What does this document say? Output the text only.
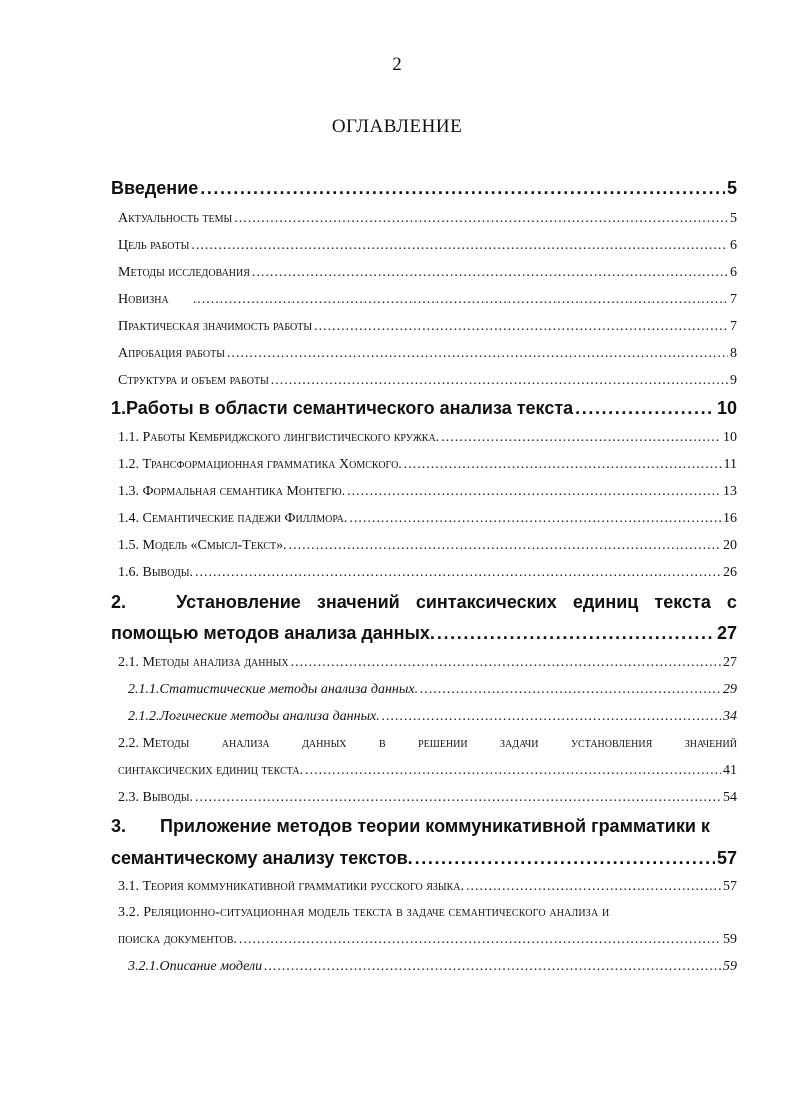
2
ОГЛАВЛЕНИЕ
Введение .....	5
Актуальность темы .....	5
Цель работы .....	6
Методы исследования .....	6
Новизна .....	7
Практическая значимость работы .....	7
Апробация работы .....	8
Структура и объем работы .....	9
1. Работы в области семантического анализа текста .....	10
1.1. Работы Кембриджского лингвистического кружка. .....	10
1.2. Трансформационная грамматика Хомского. .....	11
1.3. Формальная семантика Монтегю. .....	13
1.4. Семантические падежи Филлмора. .....	16
1.5. Модель «Смысл-Текст». .....	20
1.6. Выводы. .....	26
2.	Установление значений синтаксических единиц текста с
помощью методов анализа данных. .....	27
2.1. Методы анализа данных .....	27
2.1.1. Статистические методы анализа данных. .....	29
2.1.2. Логические методы анализа данных. .....	34
2.2. Методы анализа данных в решении задачи установления значений
синтаксических единиц текста. .....	41
2.3. Выводы. .....	54
3.	Приложение методов теории коммуникативной грамматики к
семантическому анализу текстов. .....	57
3.1. Теория коммуникативной грамматики русского языка. .....	57
3.2. Реляционно-ситуационная модель текста в задаче семантического анализа и
поиска документов. .....	59
3.2.1. Описание модели .....	59
